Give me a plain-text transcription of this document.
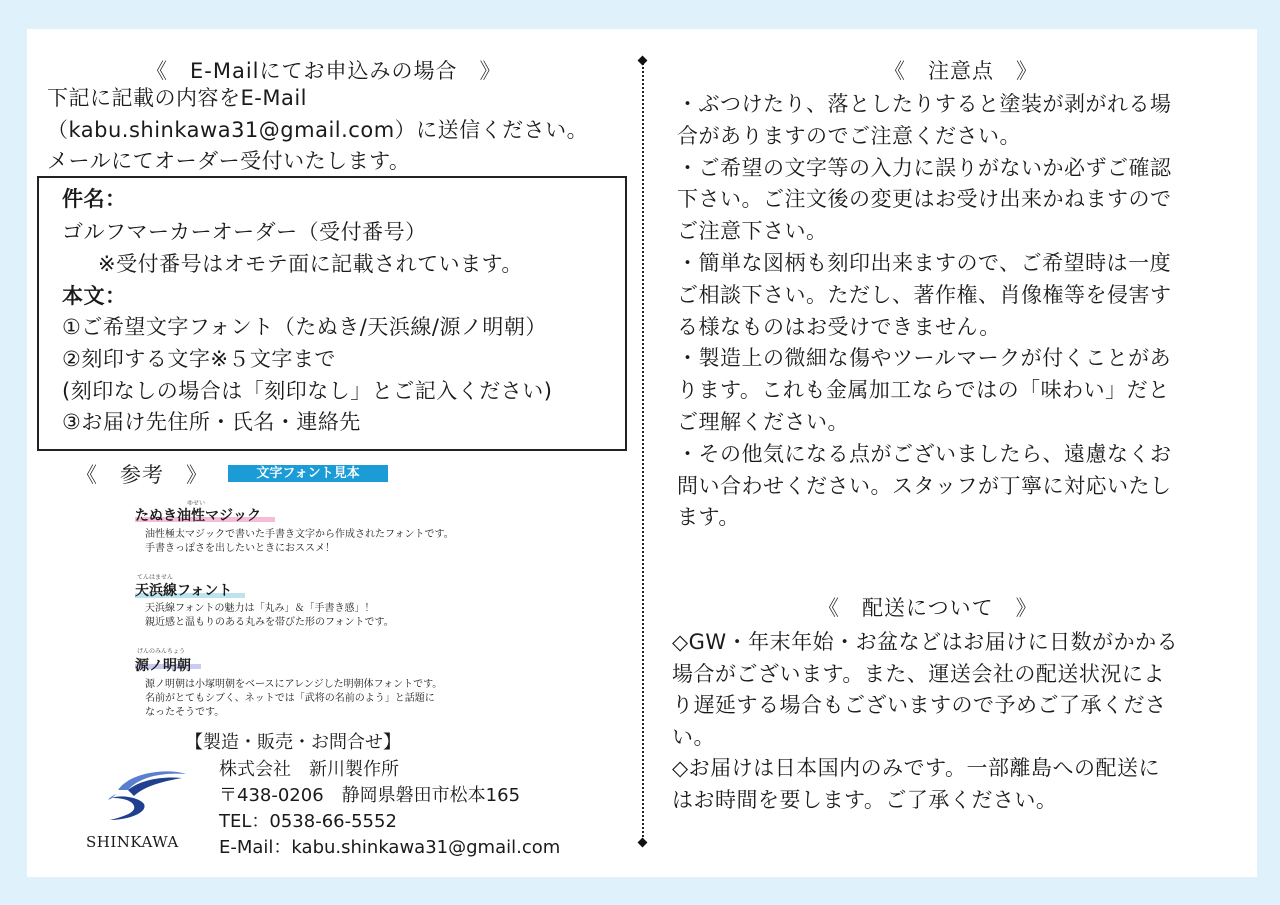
《　E-Mailにてお申込みの場合　》
下記に記載の内容をE-Mail
（kabu.shinkawa31@gmail.com）に送信ください。
メールにてオーダー受付いたします。
件名：
ゴルフマーカーオーダー（受付番号）
※受付番号はオモテ面に記載されています。
本文：
①ご希望文字フォント（たぬき/天浜線/源ノ明朝）
②刻印する文字※５文字まで
(刻印なしの場合は「刻印なし」とご記入ください)
③お届け先住所・氏名・連絡先
《　参考　》	文字フォント見本
ゆせい
たぬき油性マジック
油性極太マジックで書いた手書き文字から作成されたフォントです。
手書きっぽさを出したいときにおススメ！
てんはません
天浜線フォント
天浜線フォントの魅力は「丸み」＆「手書き感」！
親近感と温もりのある丸みを帯びた形のフォントです。
げんのみんちょう
源ノ明朝
源ノ明朝は小塚明朝をベースにアレンジした明朝体フォントです。
名前がとてもシブく、ネットでは「武将の名前のよう」と話題に
なったそうです。
【製造・販売・お問合せ】
株式会社　新川製作所
〒438-0206　静岡県磐田市松本165
TEL：0538-66-5552
E-Mail：kabu.shinkawa31@gmail.com
SHINKAWA
《　注意点　》
・ぶつけたり、落としたりすると塗装が剥がれる場
合がありますのでご注意ください。
・ご希望の文字等の入力に誤りがないか必ずご確認
下さい。ご注文後の変更はお受け出来かねますので
ご注意下さい。
・簡単な図柄も刻印出来ますので、ご希望時は一度
ご相談下さい。ただし、著作権、肖像権等を侵害す
る様なものはお受けできません。
・製造上の微細な傷やツールマークが付くことがあ
ります。これも金属加工ならではの「味わい」だと
ご理解ください。
・その他気になる点がございましたら、遠慮なくお
問い合わせください。スタッフが丁寧に対応いたし
ます。
《　配送について　》
◇GW・年末年始・お盆などはお届けに日数がかかる
場合がございます。また、運送会社の配送状況によ
り遅延する場合もございますので予めご了承くださ
い。
◇お届けは日本国内のみです。一部離島への配送に
はお時間を要します。ご了承ください。
